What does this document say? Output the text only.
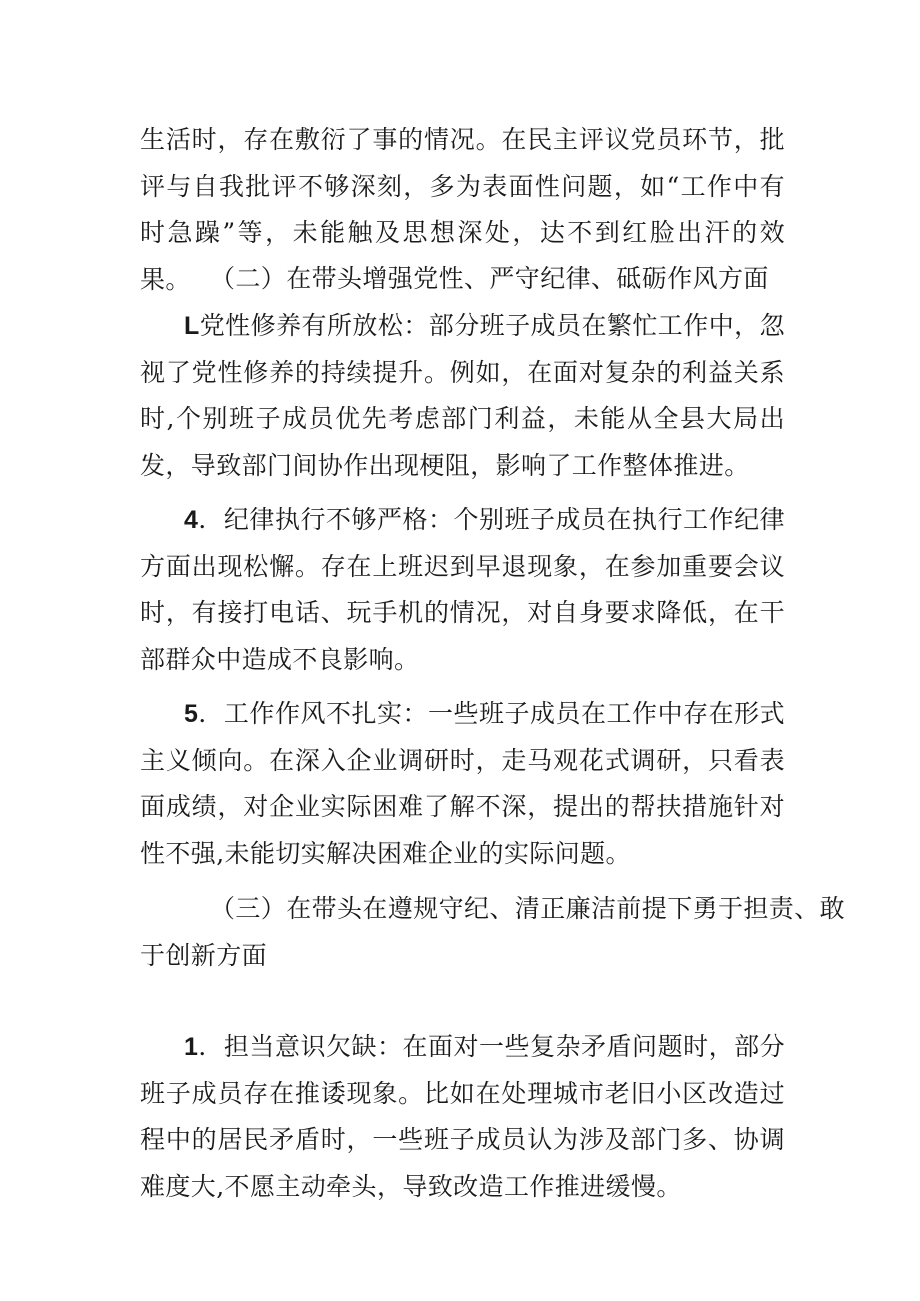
生活时，存在敷衍了事的情况。在民主评议党员环节，批评与自我批评不够深刻，多为表面性问题，如“工作中有时急躁”等，未能触及思想深处，达不到红脸出汗的效果。 （二）在带头增强党性、严守纪律、砥砺作风方面

L党性修养有所放松：部分班子成员在繁忙工作中，忽视了党性修养的持续提升。例如，在面对复杂的利益关系时,个别班子成员优先考虑部门利益，未能从全县大局出发，导致部门间协作出现梗阻，影响了工作整体推进。

4．纪律执行不够严格：个别班子成员在执行工作纪律方面出现松懈。存在上班迟到早退现象，在参加重要会议时，有接打电话、玩手机的情况，对自身要求降低，在干部群众中造成不良影响。

5．工作作风不扎实：一些班子成员在工作中存在形式主义倾向。在深入企业调研时，走马观花式调研，只看表面成绩，对企业实际困难了解不深，提出的帮扶措施针对性不强,未能切实解决困难企业的实际问题。

（三）在带头在遵规守纪、清正廉洁前提下勇于担责、敢

于创新方面

1．担当意识欠缺：在面对一些复杂矛盾问题时，部分班子成员存在推诿现象。比如在处理城市老旧小区改造过程中的居民矛盾时，一些班子成员认为涉及部门多、协调难度大,不愿主动牵头，导致改造工作推进缓慢。
